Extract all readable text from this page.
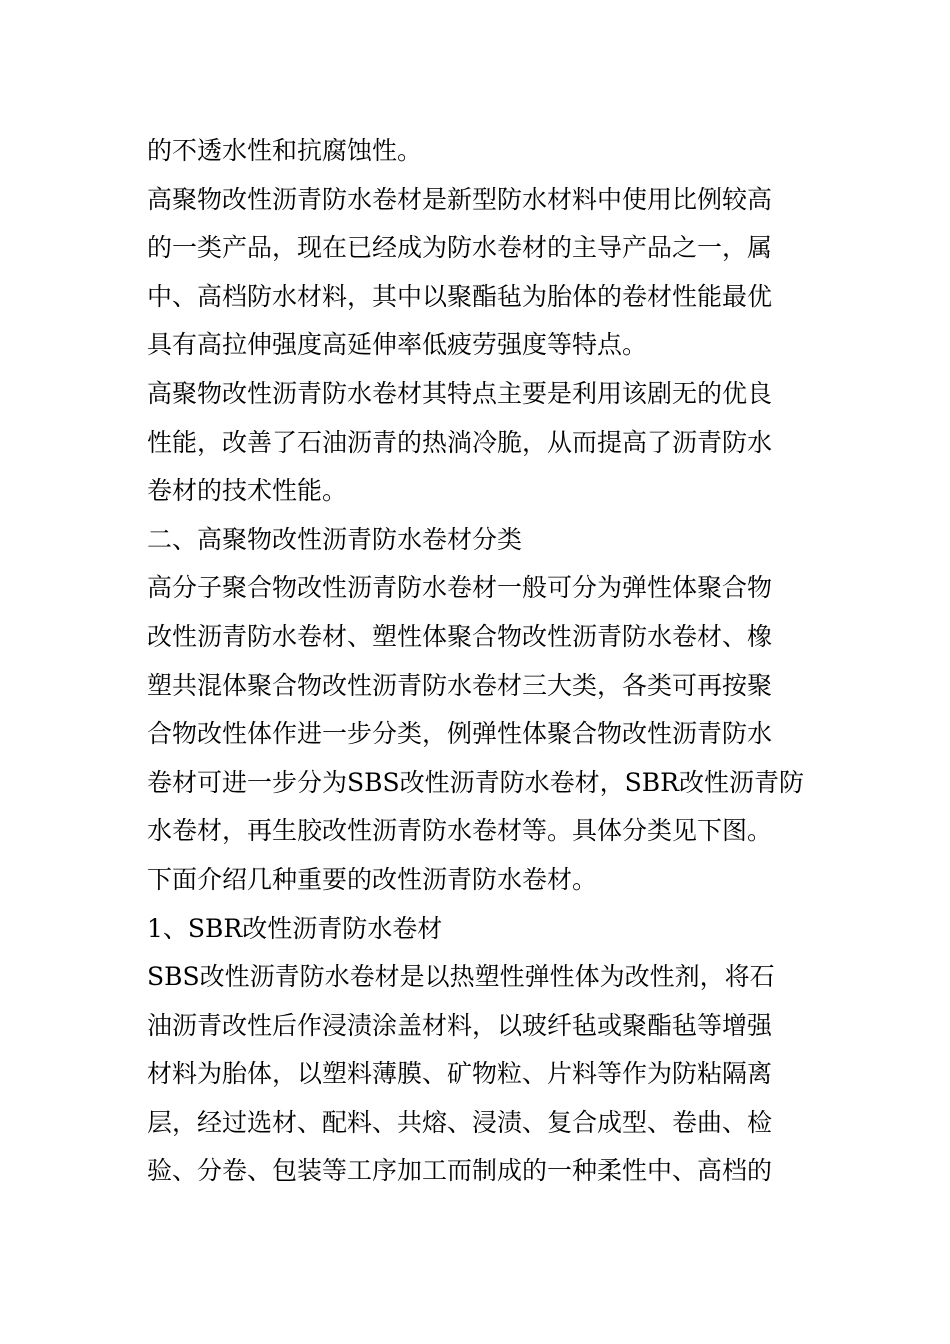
的不透水性和抗腐蚀性。
高聚物改性沥青防水卷材是新型防水材料中使用比例较高
的一类产品，现在已经成为防水卷材的主导产品之一，属
中、高档防水材料，其中以聚酯毡为胎体的卷材性能最优
具有高拉伸强度高延伸率低疲劳强度等特点。
高聚物改性沥青防水卷材其特点主要是利用该剧无的优良
性能，改善了石油沥青的热淌冷脆，从而提高了沥青防水
卷材的技术性能。
二、高聚物改性沥青防水卷材分类
高分子聚合物改性沥青防水卷材一般可分为弹性体聚合物
改性沥青防水卷材、塑性体聚合物改性沥青防水卷材、橡
塑共混体聚合物改性沥青防水卷材三大类，各类可再按聚
合物改性体作进一步分类，例弹性体聚合物改性沥青防水
卷材可进一步分为SBS改性沥青防水卷材，SBR改性沥青防
水卷材，再生胶改性沥青防水卷材等。具体分类见下图。
下面介绍几种重要的改性沥青防水卷材。
1、SBR改性沥青防水卷材
SBS改性沥青防水卷材是以热塑性弹性体为改性剂，将石
油沥青改性后作浸渍涂盖材料，以玻纤毡或聚酯毡等增强
材料为胎体，以塑料薄膜、矿物粒、片料等作为防粘隔离
层，经过选材、配料、共熔、浸渍、复合成型、卷曲、检
验、分卷、包装等工序加工而制成的一种柔性中、高档的
